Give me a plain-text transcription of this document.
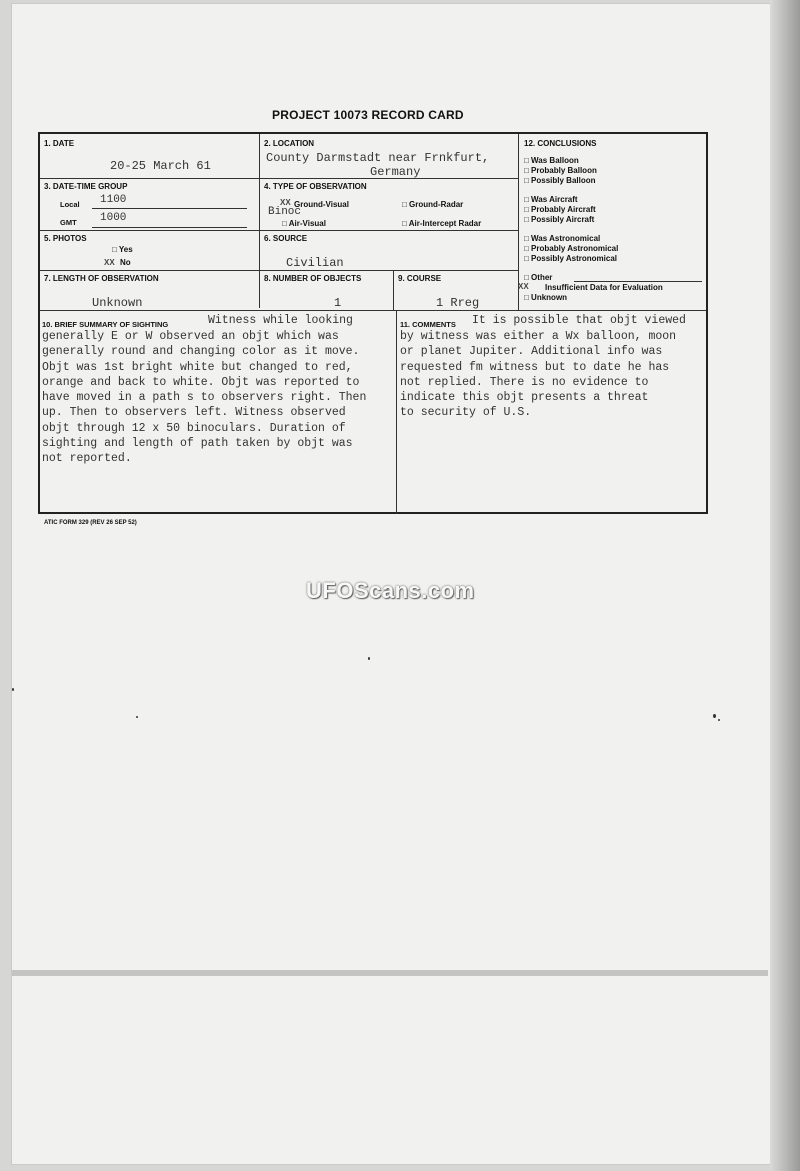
PROJECT 10073 RECORD CARD
1. DATE
20-25 March 61
2. LOCATION
County Darmstadt near Frnkfurt,
Germany
3. DATE-TIME GROUP
Local 1100
GMT 1000
4. TYPE OF OBSERVATION
XX Ground-Visual	□ Ground-Radar
Binoc
□ Air-Visual	□ Air-Intercept Radar
5. PHOTOS
□ Yes
XX No
6. SOURCE
Civilian
7. LENGTH OF OBSERVATION
Unknown
8. NUMBER OF OBJECTS
1
9. COURSE
1 Rreg
12. CONCLUSIONS
□ Was Balloon
□ Probably Balloon
□ Possibly Balloon
□ Was Aircraft
□ Probably Aircraft
□ Possibly Aircraft
□ Was Astronomical
□ Probably Astronomical
□ Possibly Astronomical
□ Other
XX Insufficient Data for Evaluation
□ Unknown
10. BRIEF SUMMARY OF SIGHTING	Witness while looking
generally E or W observed an objt which was
generally round and changing color as it move.
Objt was 1st bright white but changed to red,
orange and back to white. Objt was reported to
have moved in a path s to observers right. Then
up. Then to observers left. Witness observed
objt through 12 x 50 binoculars. Duration of
sighting and length of path taken by objt was
not reported.
11. COMMENTS It is possible that objt viewed
by witness was either a Wx balloon, moon
or planet Jupiter. Additional info was
requested fm witness but to date he has
not replied. There is no evidence to
indicate this objt presents a threat
to security of U.S.
ATIC FORM 329 (REV 26 SEP 52)
UFOScans.com
